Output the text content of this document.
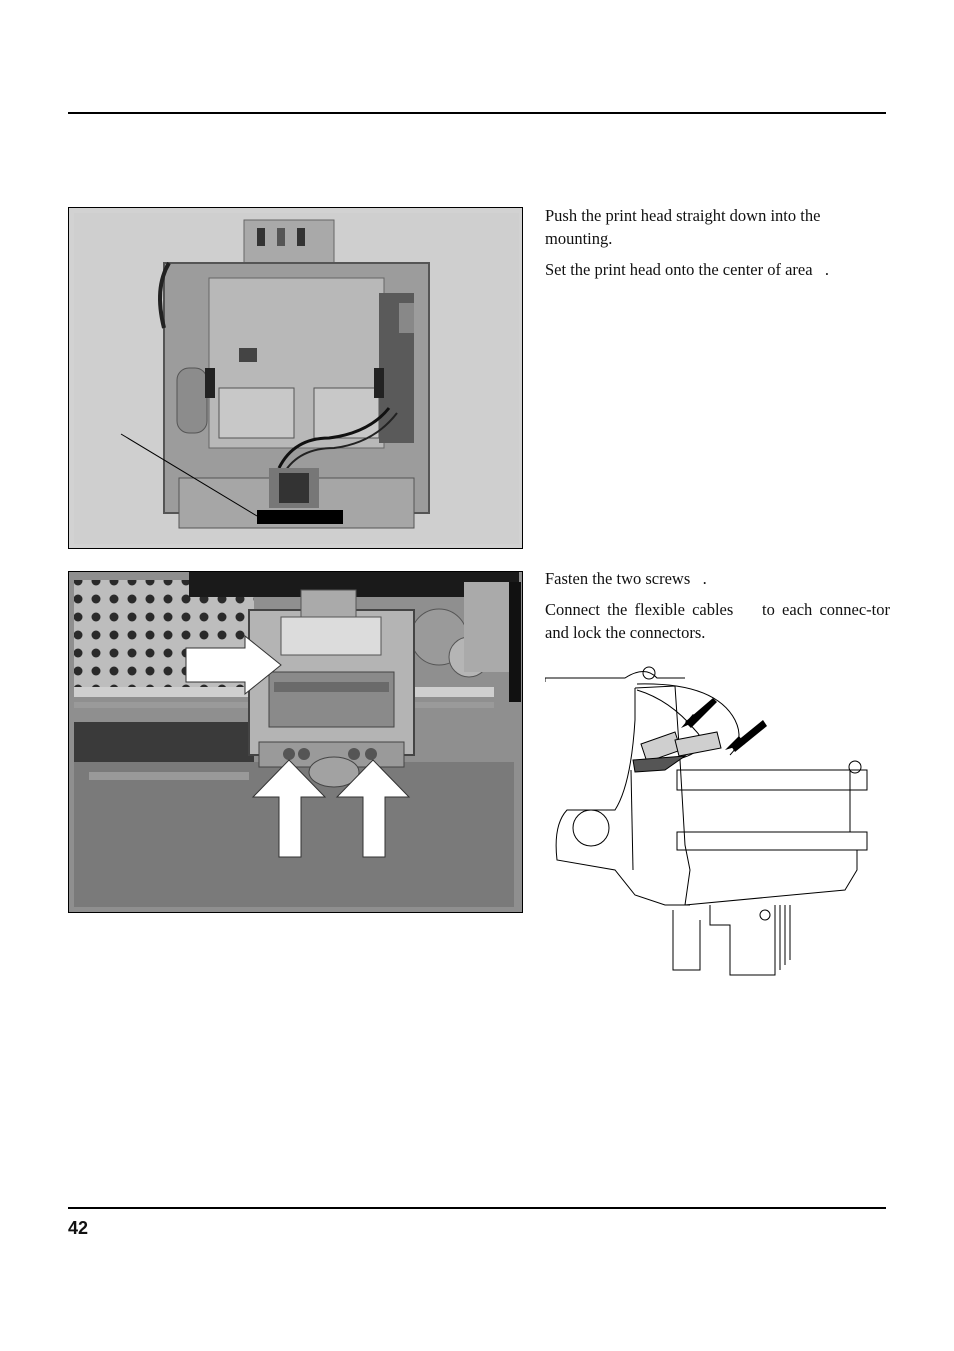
Push the print head straight down into the mounting.

Set the print head onto the center of area   .

Fasten the two screws   .

Connect the flexible cables    to each connec-tor and lock the connectors.

42
